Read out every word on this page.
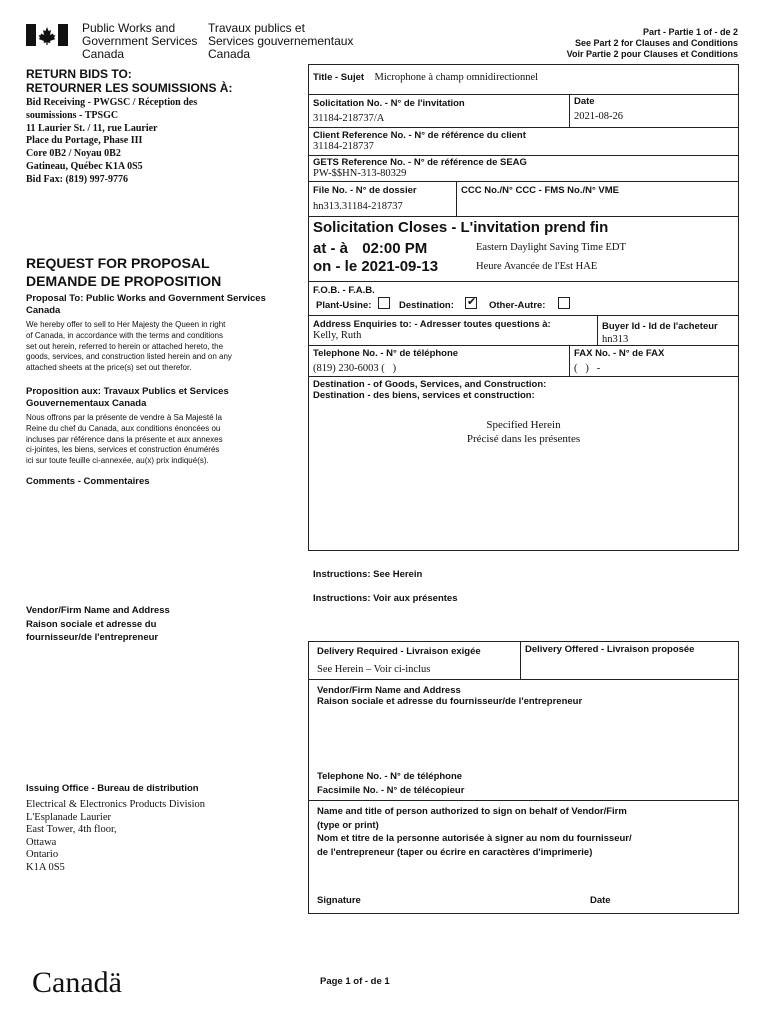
Public Works and
Government Services
Canada
Travaux publics et
Services gouvernementaux
Canada
Part - Partie 1 of - de 2
See Part 2 for Clauses and Conditions
Voir Partie 2 pour Clauses et Conditions
RETURN BIDS TO:
RETOURNER LES SOUMISSIONS À:
Bid Receiving - PWGSC / Réception des
soumissions - TPSGC
11 Laurier St. / 11, rue Laurier
Place du Portage, Phase III
Core 0B2 / Noyau 0B2
Gatineau, Québec K1A 0S5
Bid Fax: (819) 997-9776
REQUEST FOR PROPOSAL
DEMANDE DE PROPOSITION
Proposal To: Public Works and Government Services Canada
We hereby offer to sell to Her Majesty the Queen in right
of Canada, in accordance with the terms and conditions
set out herein, referred to herein or attached hereto, the
goods, services, and construction listed herein and on any
attached sheets at the price(s) set out therefor.
Proposition aux: Travaux Publics et Services Gouvernementaux Canada
Nous offrons par la présente de vendre à Sa Majesté la
Reine du chef du Canada, aux conditions énoncées ou
incluses par référence dans la présente et aux annexes
ci-jointes, les biens, services et construction énumérés
ici sur toute feuille ci-annexée, au(x) prix indiqué(s).
Comments - Commentaires
Vendor/Firm Name and Address
Raison sociale et adresse du
fournisseur/de l'entrepreneur
Issuing Office - Bureau de distribution
Electrical & Electronics Products Division
L'Esplanade Laurier
East Tower, 4th floor,
Ottawa
Ontario
K1A 0S5
Title - Sujet Microphone à champ omnidirectionnel
Solicitation No. - N° de l'invitation
31184-218737/A
Date
2021-08-26
Client Reference No. - N° de référence du client
31184-218737
GETS Reference No. - N° de référence de SEAG
PW-$$HN-313-80329
File No. - N° de dossier
hn313.31184-218737
CCC No./N° CCC - FMS No./N° VME
Solicitation Closes - L'invitation prend fin
at - à 02:00 PM
on - le 2021-09-13
Eastern Daylight Saving Time EDT
Heure Avancée de l'Est HAE
F.O.B. - F.A.B.
Plant-Usine:	Destination: ✔ Other-Autre:
Address Enquiries to: - Adresser toutes questions à:
Kelly, Ruth
Buyer Id - Id de l'acheteur
hn313
Telephone No. - N° de téléphone
(819) 230-6003 (   )
FAX No. - N° de FAX
(   )   -
Destination - of Goods, Services, and Construction:
Destination - des biens, services et construction:
Specified Herein
Précisé dans les présentes
Instructions: See Herein
Instructions: Voir aux présentes
Delivery Required - Livraison exigée
See Herein – Voir ci-inclus
Delivery Offered - Livraison proposée
Vendor/Firm Name and Address
Raison sociale et adresse du fournisseur/de l'entrepreneur
Telephone No. - N° de téléphone
Facsimile No. - N° de télécopieur
Name and title of person authorized to sign on behalf of Vendor/Firm
(type or print)
Nom et titre de la personne autorisée à signer au nom du fournisseur/
de l'entrepreneur (taper ou écrire en caractères d'imprimerie)
Signature	Date
Canadä	Page 1 of - de 1
